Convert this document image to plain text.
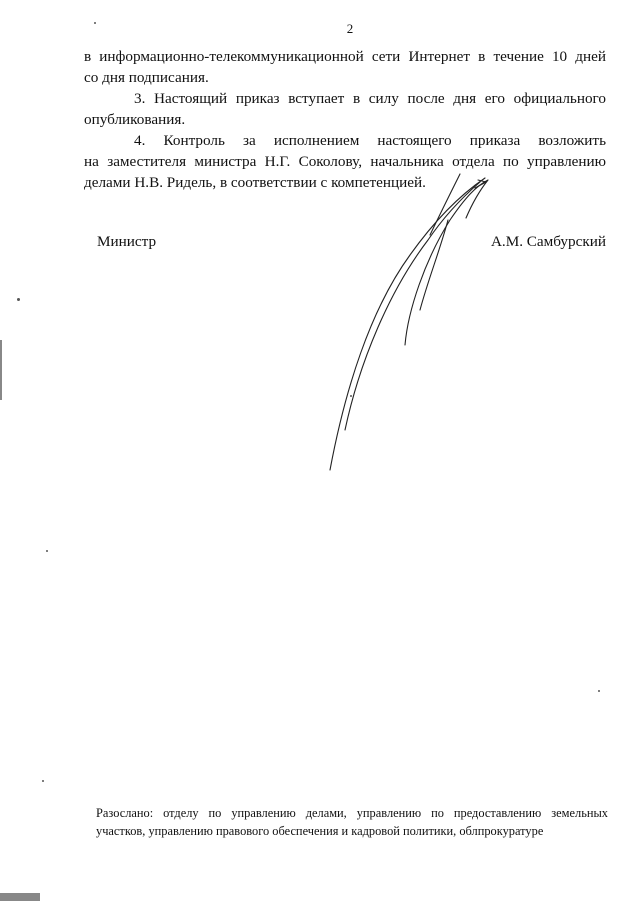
2
в информационно-телекоммуникационной сети Интернет в течение 10 дней
со дня подписания.
3. Настоящий приказ вступает в силу после дня его официального
опубликования.
4. Контроль за исполнением настоящего приказа возложить
на заместителя министра Н.Г. Соколову, начальника отдела по управлению
делами Н.В. Ридель, в соответствии с компетенцией.
Министр	А.М. Самбурский
Разослано: отделу по управлению делами, управлению по предоставлению земельных
участков, управлению правового обеспечения и кадровой политики, облпрокуратуре
